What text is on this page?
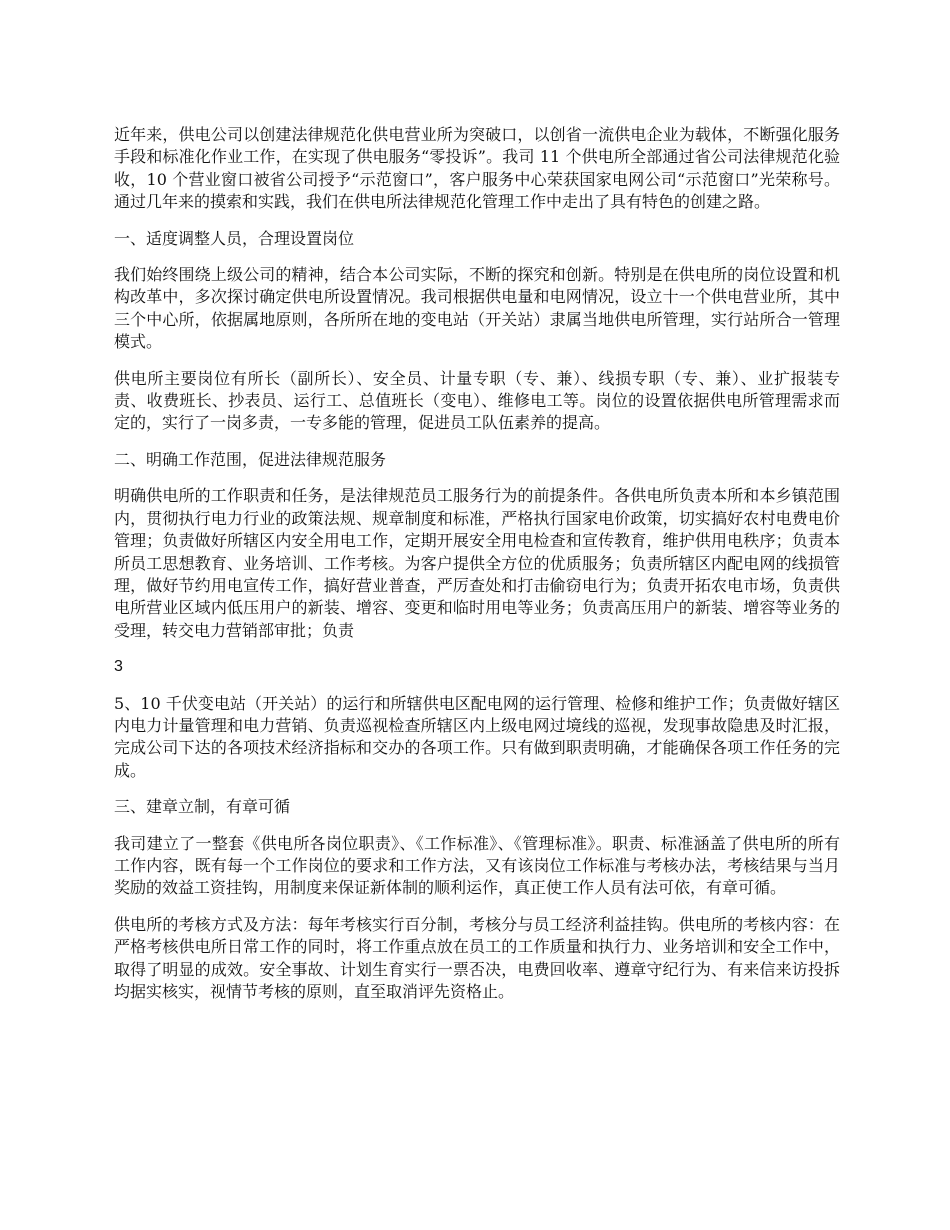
近年来，供电公司以创建法律规范化供电营业所为突破口，以创省一流供电企业为载体，不断强化服务手段和标准化作业工作，在实现了供电服务“零投诉”。我司 11 个供电所全部通过省公司法律规范化验收，10 个营业窗口被省公司授予“示范窗口”，客户服务中心荣获国家电网公司“示范窗口”光荣称号。通过几年来的摸索和实践，我们在供电所法律规范化管理工作中走出了具有特色的创建之路。

一、适度调整人员，合理设置岗位

我们始终围绕上级公司的精神，结合本公司实际，不断的探究和创新。特别是在供电所的岗位设置和机构改革中，多次探讨确定供电所设置情况。我司根据供电量和电网情况，设立十一个供电营业所，其中三个中心所，依据属地原则，各所所在地的变电站（开关站）隶属当地供电所管理，实行站所合一管理模式。

供电所主要岗位有所长（副所长）、安全员、计量专职（专、兼）、线损专职（专、兼）、业扩报装专责、收费班长、抄表员、运行工、总值班长（变电）、维修电工等。岗位的设置依据供电所管理需求而定的，实行了一岗多责，一专多能的管理，促进员工队伍素养的提高。

二、明确工作范围，促进法律规范服务

明确供电所的工作职责和任务，是法律规范员工服务行为的前提条件。各供电所负责本所和本乡镇范围内，贯彻执行电力行业的政策法规、规章制度和标准，严格执行国家电价政策，切实搞好农村电费电价管理；负责做好所辖区内安全用电工作，定期开展安全用电检查和宣传教育，维护供用电秩序；负责本所员工思想教育、业务培训、工作考核。为客户提供全方位的优质服务；负责所辖区内配电网的线损管理，做好节约用电宣传工作，搞好营业普查，严厉查处和打击偷窃电行为；负责开拓农电市场，负责供电所营业区域内低压用户的新装、增容、变更和临时用电等业务；负责高压用户的新装、增容等业务的受理，转交电力营销部审批；负责

3

5、10 千伏变电站（开关站）的运行和所辖供电区配电网的运行管理、检修和维护工作；负责做好辖区内电力计量管理和电力营销、负责巡视检查所辖区内上级电网过境线的巡视，发现事故隐患及时汇报，完成公司下达的各项技术经济指标和交办的各项工作。只有做到职责明确，才能确保各项工作任务的完成。

三、建章立制，有章可循

我司建立了一整套《供电所各岗位职责》、《工作标准》、《管理标准》。职责、标准涵盖了供电所的所有工作内容，既有每一个工作岗位的要求和工作方法，又有该岗位工作标准与考核办法，考核结果与当月奖励的效益工资挂钩，用制度来保证新体制的顺利运作，真正使工作人员有法可依，有章可循。

供电所的考核方式及方法：每年考核实行百分制，考核分与员工经济利益挂钩。供电所的考核内容：在严格考核供电所日常工作的同时，将工作重点放在员工的工作质量和执行力、业务培训和安全工作中，取得了明显的成效。安全事故、计划生育实行一票否决，电费回收率、遵章守纪行为、有来信来访投拆均据实核实，视情节考核的原则，直至取消评先资格止。
